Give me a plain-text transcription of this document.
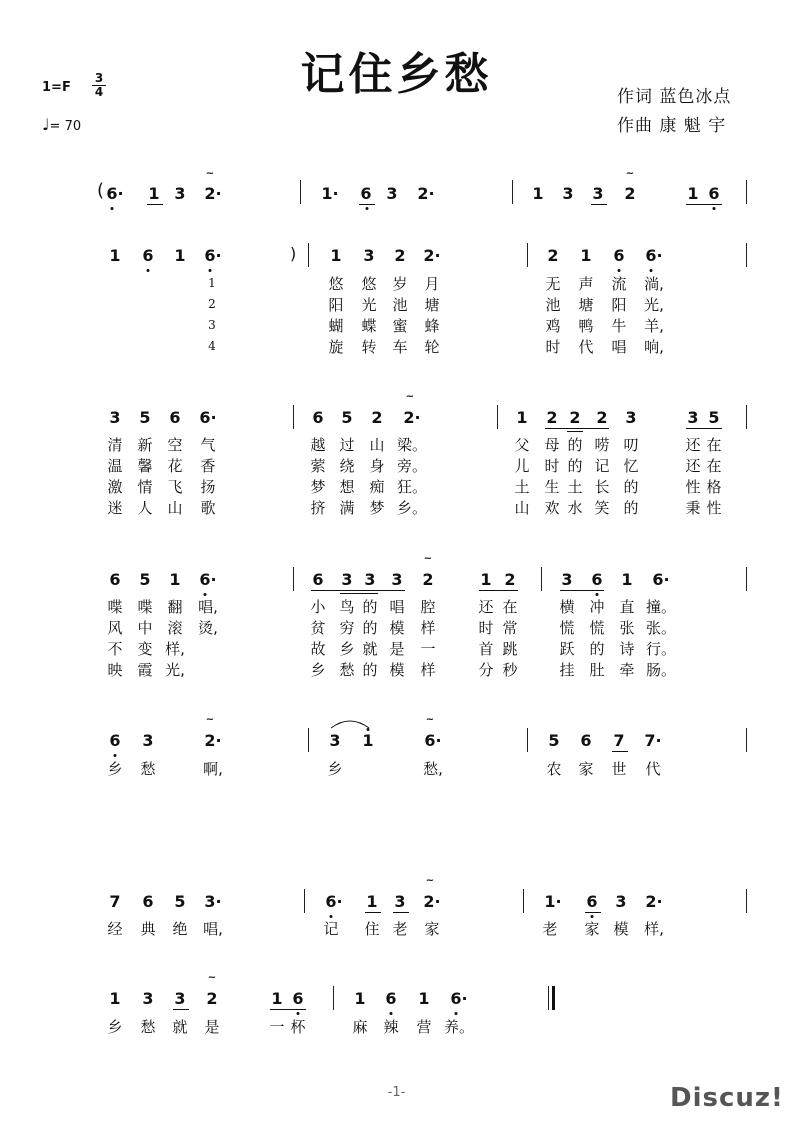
记住乡愁
1=F
3
4
♩= 70
作词 蓝色冰点
作曲 康 魁 宇
( 6· 1 3 2·
~
1· 6 3 2·	1 3 3 2
~
1 6
1 6 1 6·	) 1 3 2 2·	2 1 6 6·
1
2
3
4
悠 悠 岁 月	无 声 流 淌,
阳 光 池 塘	池 塘 阳 光,
蝴 蝶 蜜 蜂	鸡 鸭 牛 羊,
旋 转 车 轮	时 代 唱 响,
3 5 6 6·	6 5 2 2·
~
1 2 2 2 3	3 5
清 新 空 气	越 过 山 梁。	父 母 的 唠 叨	还 在
温 馨 花 香	萦 绕 身 旁。	儿 时 的 记 忆	还 在
激 情 飞 扬	梦 想 痴 狂。	土 生 土 长 的	性 格
迷 人 山 歌	挤 满 梦 乡。	山 欢 水 笑 的	秉 性
6 5 1 6·	6 3 3 3 2
~
1 2	3 6 1 6·
喋 喋 翻 唱,	小 鸟 的 唱 腔	还 在	横 冲 直 撞。
风 中 滚 烫,	贫 穷 的 模 样	时 常	慌 慌 张 张。
不 变 样,	故 乡 就 是 一	首 跳	跃 的 诗 行。
映 霞 光,	乡 愁 的 模 样	分 秒	挂 肚 牵 肠。
6 3	2·
~
3 1	6·
~
5 6 7 7·
乡 愁	啊,	乡	愁,	农 家 世 代
7 6 5 3·	6· 1 3 2·
~
1· 6 3 2·
经 典 绝 唱,	记 住 老 家	老 家 模 样,
1 3 3 2
~
1 6	1 6 1 6·
乡 愁 就 是	一 杯	麻 辣 营 养。
-1-	Discuz!
